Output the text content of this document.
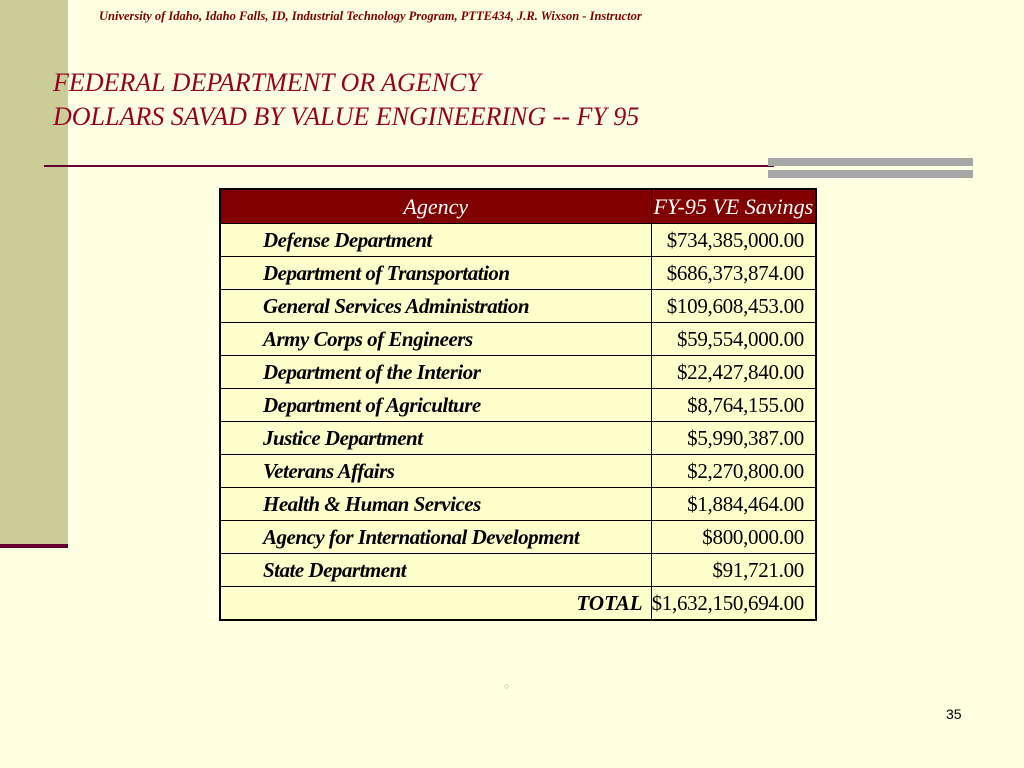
University of Idaho, Idaho Falls, ID, Industrial Technology Program, PTTE434, J.R. Wixson - Instructor
FEDERAL DEPARTMENT OR AGENCY
DOLLARS SAVAD BY VALUE ENGINEERING -- FY 95
Agency	FY-95 VE Savings
Defense Department	$734,385,000.00
Department of Transportation	$686,373,874.00
General Services Administration	$109,608,453.00
Army Corps of Engineers	$59,554,000.00
Department of the Interior	$22,427,840.00
Department of Agriculture	$8,764,155.00
Justice Department	$5,990,387.00
Veterans Affairs	$2,270,800.00
Health & Human Services	$1,884,464.00
Agency for International Development	$800,000.00
State Department	$91,721.00
TOTAL	$1,632,150,694.00
○
35
